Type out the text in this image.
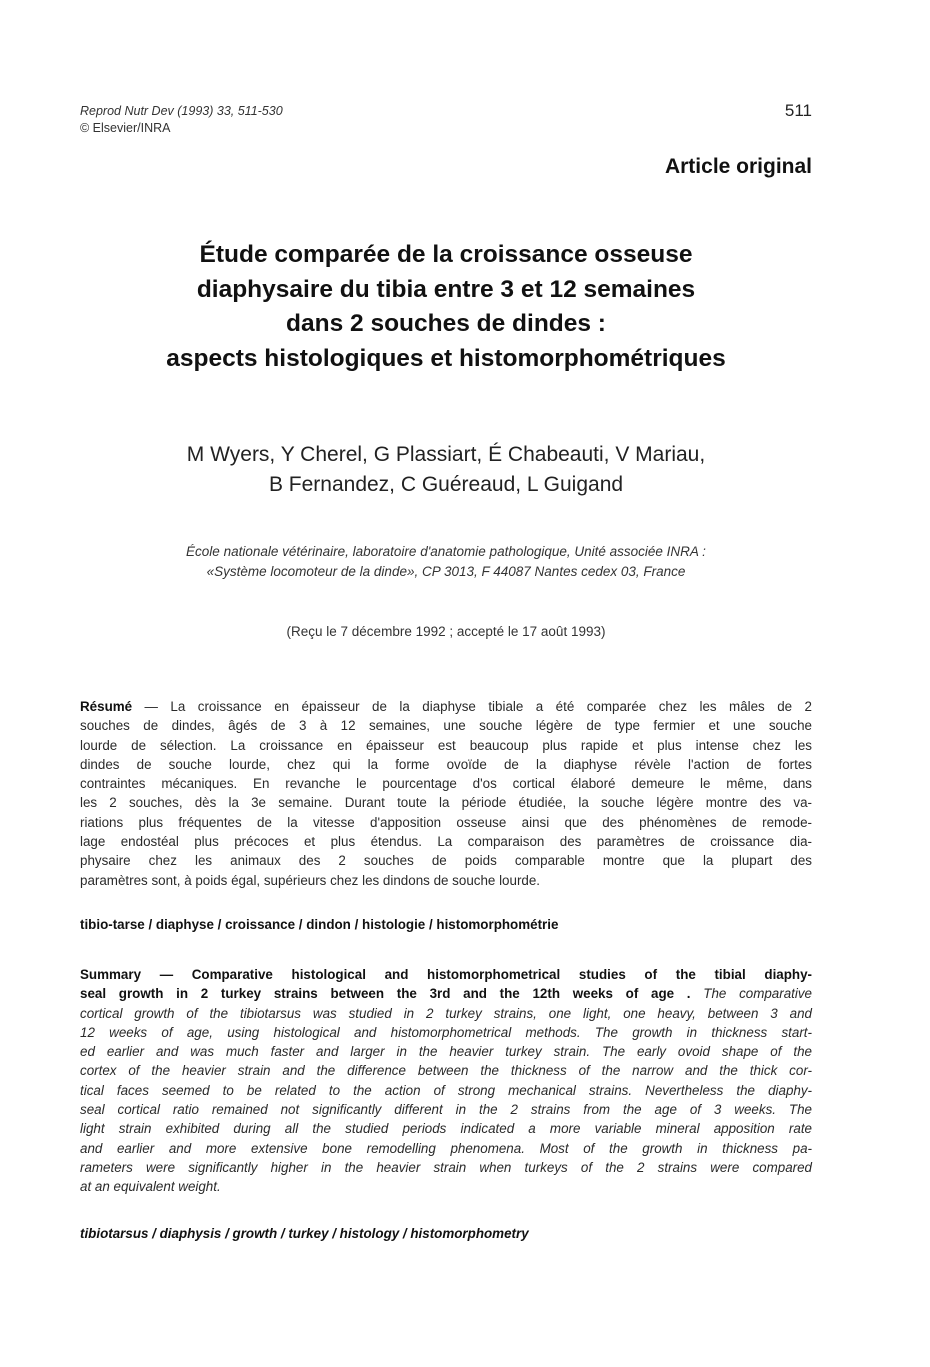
Reprod Nutr Dev (1993) 33, 511-530
© Elsevier/INRA
511
Article original
Étude comparée de la croissance osseuse
diaphysaire du tibia entre 3 et 12 semaines
dans 2 souches de dindes :
aspects histologiques et histomorphométriques
M Wyers, Y Cherel, G Plassiart, É Chabeauti, V Mariau,
B Fernandez, C Guéreaud, L Guigand
École nationale vétérinaire, laboratoire d'anatomie pathologique, Unité associée INRA :
«Système locomoteur de la dinde», CP 3013, F 44087 Nantes cedex 03, France
(Reçu le 7 décembre 1992 ; accepté le 17 août 1993)
Résumé — La croissance en épaisseur de la diaphyse tibiale a été comparée chez les mâles de 2
souches de dindes, âgés de 3 à 12 semaines, une souche légère de type fermier et une souche
lourde de sélection. La croissance en épaisseur est beaucoup plus rapide et plus intense chez les
dindes de souche lourde, chez qui la forme ovoïde de la diaphyse révèle l'action de fortes
contraintes mécaniques. En revanche le pourcentage d'os cortical élaboré demeure le même, dans
les 2 souches, dès la 3e semaine. Durant toute la période étudiée, la souche légère montre des va-
riations plus fréquentes de la vitesse d'apposition osseuse ainsi que des phénomènes de remode-
lage endostéal plus précoces et plus étendus. La comparaison des paramètres de croissance dia-
physaire chez les animaux des 2 souches de poids comparable montre que la plupart des
paramètres sont, à poids égal, supérieurs chez les dindons de souche lourde.
tibio-tarse / diaphyse / croissance / dindon / histologie / histomorphométrie
Summary — Comparative histological and histomorphometrical studies of the tibial diaphy-
seal growth in 2 turkey strains between the 3rd and the 12th weeks of age . The comparative
cortical growth of the tibiotarsus was studied in 2 turkey strains, one light, one heavy, between 3 and
12 weeks of age, using histological and histomorphometrical methods. The growth in thickness start-
ed earlier and was much faster and larger in the heavier turkey strain. The early ovoid shape of the
cortex of the heavier strain and the difference between the thickness of the narrow and the thick cor-
tical faces seemed to be related to the action of strong mechanical strains. Nevertheless the diaphy-
seal cortical ratio remained not significantly different in the 2 strains from the age of 3 weeks. The
light strain exhibited during all the studied periods indicated a more variable mineral apposition rate
and earlier and more extensive bone remodelling phenomena. Most of the growth in thickness pa-
rameters were significantly higher in the heavier strain when turkeys of the 2 strains were compared
at an equivalent weight.
tibiotarsus / diaphysis / growth / turkey / histology / histomorphometry
